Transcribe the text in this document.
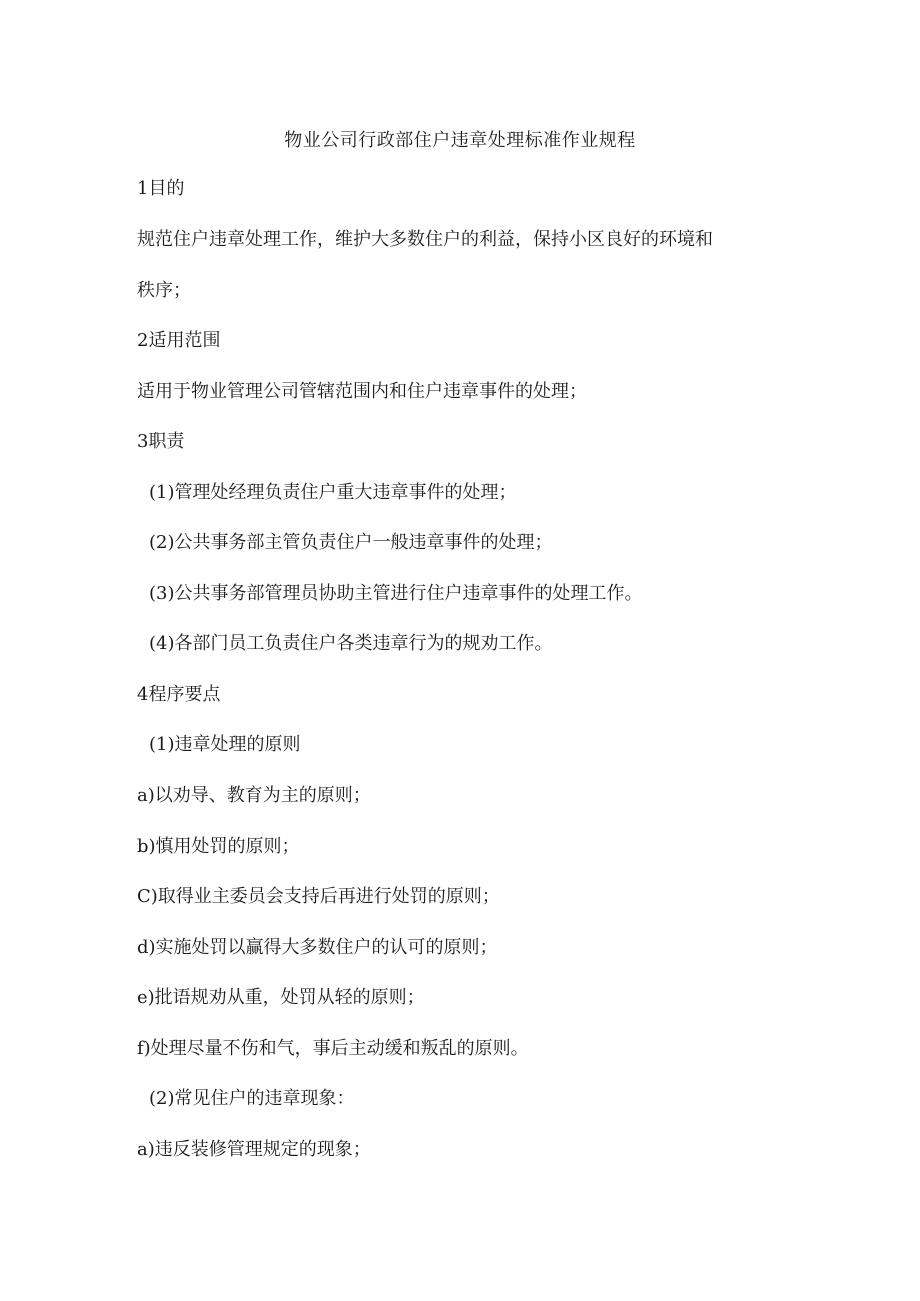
物业公司行政部住户违章处理标准作业规程
1目的
规范住户违章处理工作，维护大多数住户的利益，保持小区良好的环境和
秩序；
2适用范围
适用于物业管理公司管辖范围内和住户违章事件的处理；
3职责
(1)管理处经理负责住户重大违章事件的处理；
(2)公共事务部主管负责住户一般违章事件的处理；
(3)公共事务部管理员协助主管进行住户违章事件的处理工作。
(4)各部门员工负责住户各类违章行为的规劝工作。
4程序要点
(1)违章处理的原则
a)以劝导、教育为主的原则；
b)慎用处罚的原则；
C)取得业主委员会支持后再进行处罚的原则；
d)实施处罚以赢得大多数住户的认可的原则；
e)批语规劝从重，处罚从轻的原则；
f)处理尽量不伤和气，事后主动缓和叛乱的原则。
(2)常见住户的违章现象：
a)违反装修管理规定的现象；
